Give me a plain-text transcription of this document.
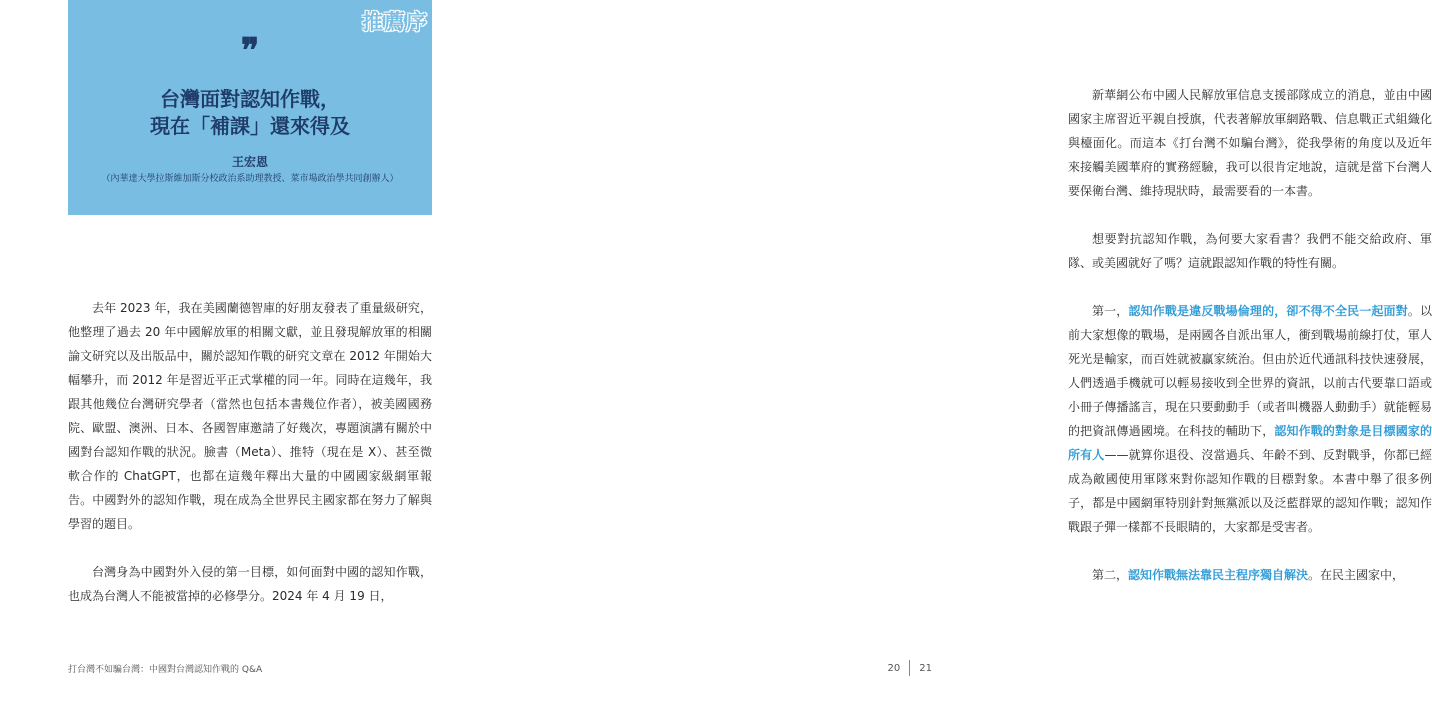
推薦序
❞
台灣面對認知作戰，
現在「補課」還來得及
王宏恩
（內華達大學拉斯維加斯分校政治系助理教授、菜市場政治學共同創辦人）

去年 2023 年，我在美國蘭德智庫的好朋友發表了重量級研究，他整理了過去 20 年中國解放軍的相關文獻，並且發現解放軍的相關論文研究以及出版品中，關於認知作戰的研究文章在 2012 年開始大幅攀升，而 2012 年是習近平正式掌權的同一年。同時在這幾年，我跟其他幾位台灣研究學者（當然也包括本書幾位作者），被美國國務院、歐盟、澳洲、日本、各國智庫邀請了好幾次，專題演講有關於中國對台認知作戰的狀況。臉書（Meta）、推特（現在是 X）、甚至微軟合作的 ChatGPT，也都在這幾年釋出大量的中國國家級網軍報告。中國對外的認知作戰，現在成為全世界民主國家都在努力了解與學習的題目。

台灣身為中國對外入侵的第一目標，如何面對中國的認知作戰，也成為台灣人不能被當掉的必修學分。2024 年 4 月 19 日，

打台灣不如騙台灣：中國對台灣認知作戰的 Q&A

新華網公布中國人民解放軍信息支援部隊成立的消息，並由中國國家主席習近平親自授旗，代表著解放軍網路戰、信息戰正式組織化與檯面化。而這本《打台灣不如騙台灣》，從我學術的角度以及近年來接觸美國華府的實務經驗，我可以很肯定地說，這就是當下台灣人要保衛台灣、維持現狀時，最需要看的一本書。

想要對抗認知作戰，為何要大家看書？我們不能交給政府、軍隊、或美國就好了嗎？這就跟認知作戰的特性有關。

第一，認知作戰是違反戰場倫理的，卻不得不全民一起面對。以前大家想像的戰場，是兩國各自派出軍人，衝到戰場前線打仗，軍人死光是輸家，而百姓就被贏家統治。但由於近代通訊科技快速發展，人們透過手機就可以輕易接收到全世界的資訊，以前古代要靠口語或小冊子傳播謠言，現在只要動動手（或者叫機器人動動手）就能輕易的把資訊傳過國境。在科技的輔助下，認知作戰的對象是目標國家的所有人——就算你退役、沒當過兵、年齡不到、反對戰爭，你都已經成為敵國使用軍隊來對你認知作戰的目標對象。本書中舉了很多例子，都是中國網軍特別針對無黨派以及泛藍群眾的認知作戰；認知作戰跟子彈一樣都不長眼睛的，大家都是受害者。

第二，認知作戰無法靠民主程序獨自解決。在民主國家中，

20 21
